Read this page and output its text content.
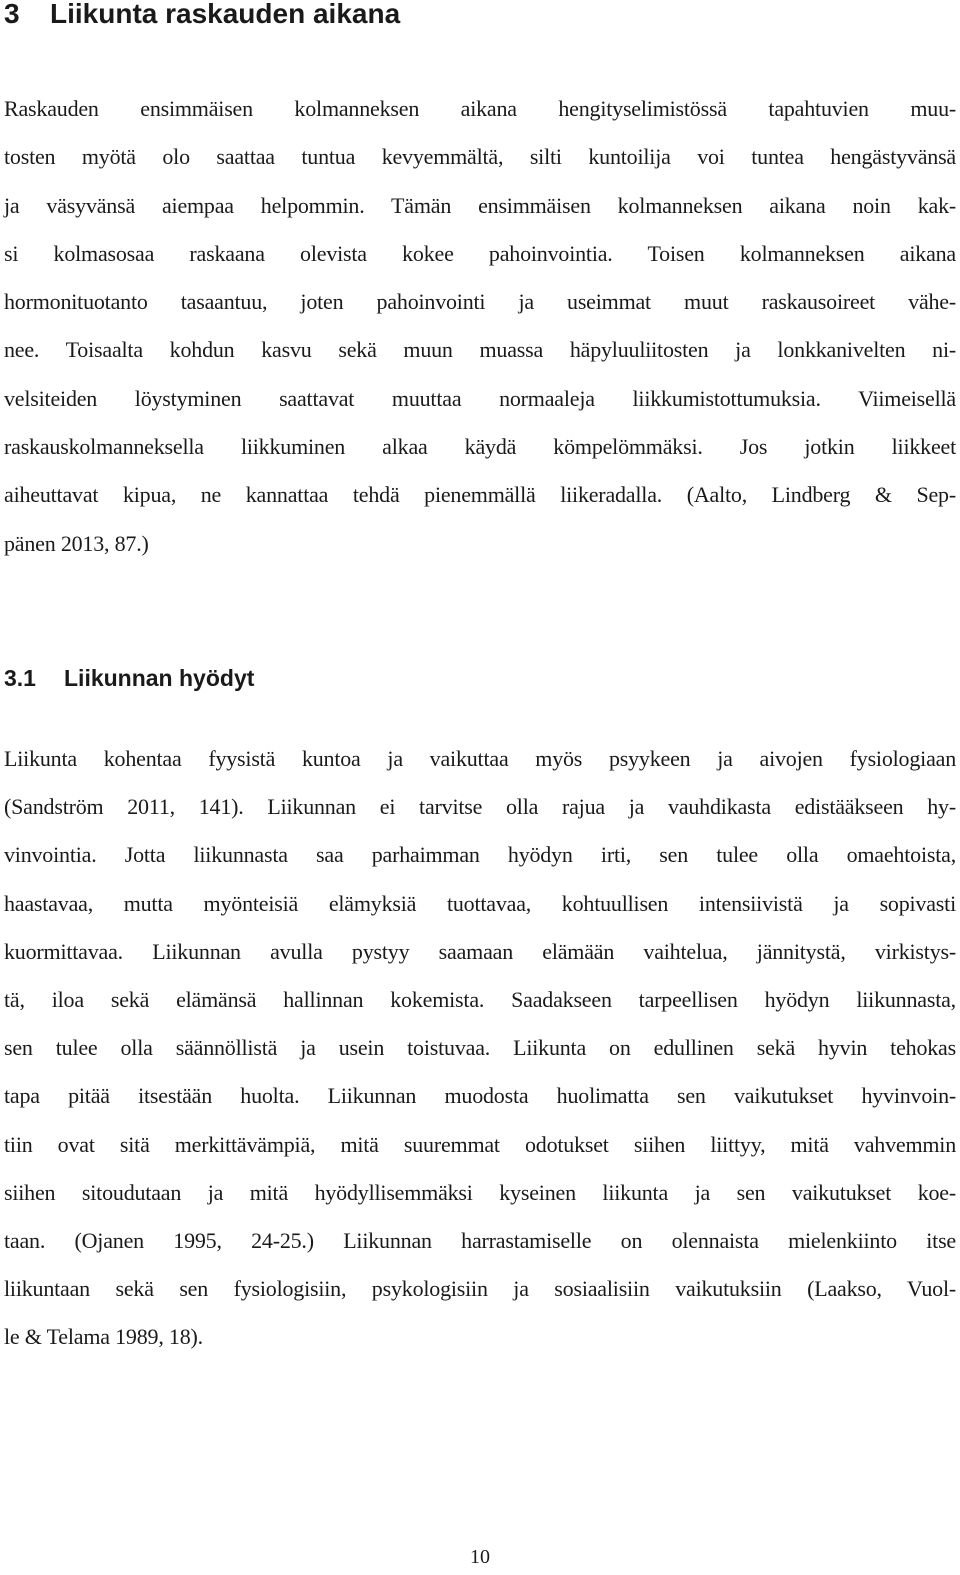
3 Liikunta raskauden aikana
Raskauden ensimmäisen kolmanneksen aikana hengityselimistössä tapahtuvien muu-
tosten myötä olo saattaa tuntua kevyemmältä, silti kuntoilija voi tuntea hengästyvänsä
ja väsyvänsä aiempaa helpommin. Tämän ensimmäisen kolmanneksen aikana noin kak-
si kolmasosaa raskaana olevista kokee pahoinvointia. Toisen kolmanneksen aikana
hormonituotanto tasaantuu, joten pahoinvointi ja useimmat muut raskausoireet vähe-
nee. Toisaalta kohdun kasvu sekä muun muassa häpyluuliitosten ja lonkkanivelten ni-
velsiteiden löystyminen saattavat muuttaa normaaleja liikkumistottumuksia. Viimeisellä
raskauskolmanneksella liikkuminen alkaa käydä kömpelömmäksi. Jos jotkin liikkeet
aiheuttavat kipua, ne kannattaa tehdä pienemmällä liikeradalla. (Aalto, Lindberg & Sep-
pänen 2013, 87.)
3.1 Liikunnan hyödyt
Liikunta kohentaa fyysistä kuntoa ja vaikuttaa myös psyykeen ja aivojen fysiologiaan
(Sandström 2011, 141). Liikunnan ei tarvitse olla rajua ja vauhdikasta edistääkseen hy-
vinvointia. Jotta liikunnasta saa parhaimman hyödyn irti, sen tulee olla omaehtoista,
haastavaa, mutta myönteisiä elämyksiä tuottavaa, kohtuullisen intensiivistä ja sopivasti
kuormittavaa. Liikunnan avulla pystyy saamaan elämään vaihtelua, jännitystä, virkistys-
tä, iloa sekä elämänsä hallinnan kokemista. Saadakseen tarpeellisen hyödyn liikunnasta,
sen tulee olla säännöllistä ja usein toistuvaa. Liikunta on edullinen sekä hyvin tehokas
tapa pitää itsestään huolta. Liikunnan muodosta huolimatta sen vaikutukset hyvinvoin-
tiin ovat sitä merkittävämpiä, mitä suuremmat odotukset siihen liittyy, mitä vahvemmin
siihen sitoudutaan ja mitä hyödyllisemmäksi kyseinen liikunta ja sen vaikutukset koe-
taan. (Ojanen 1995, 24-25.) Liikunnan harrastamiselle on olennaista mielenkiinto itse
liikuntaan sekä sen fysiologisiin, psykologisiin ja sosiaalisiin vaikutuksiin (Laakso, Vuol-
le & Telama 1989, 18).
10
